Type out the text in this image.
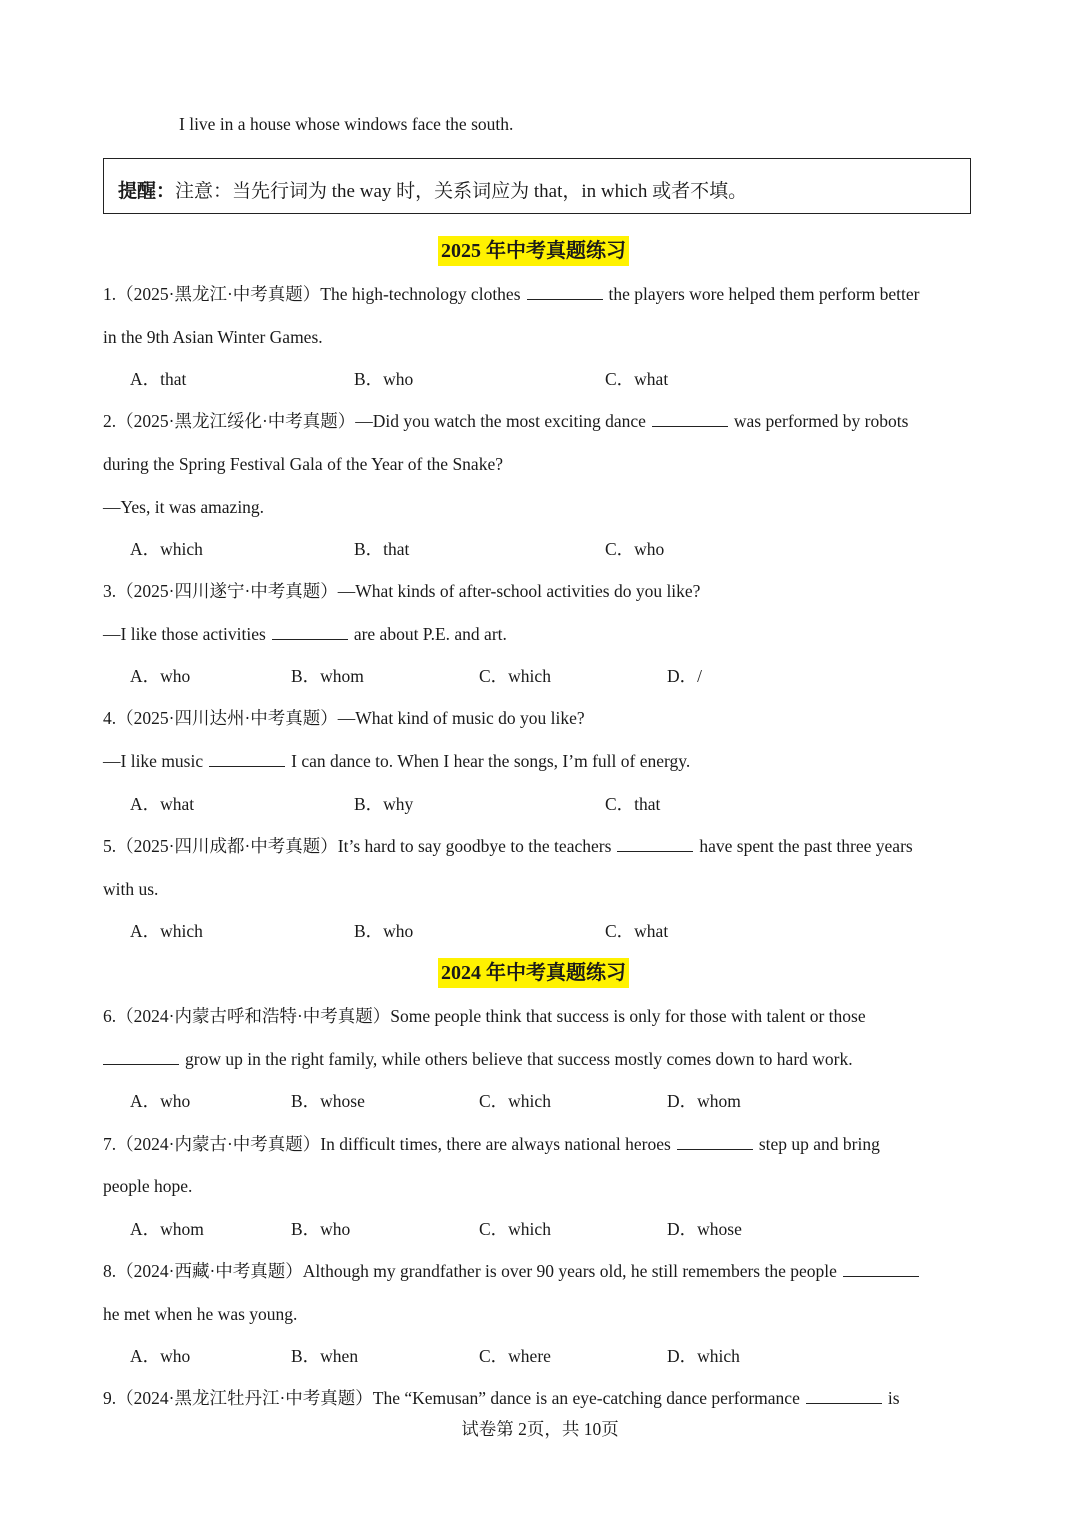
I live in a house whose windows face the south.
提醒：注意：当先行词为 the way 时，关系词应为 that，in which 或者不填。
2025 年中考真题练习
1.（2025·黑龙江·中考真题）The high-technology clothes	the players wore helped them perform better
in the 9th Asian Winter Games.
A．that	B．who	C．what
2.（2025·黑龙江绥化·中考真题）—Did you watch the most exciting dance	was performed by robots
during the Spring Festival Gala of the Year of the Snake?
—Yes, it was amazing.
A．which	B．that	C．who
3.（2025·四川遂宁·中考真题）—What kinds of after-school activities do you like?
—I like those activities	are about P.E. and art.
A．who	B．whom	C．which	D．/
4.（2025·四川达州·中考真题）—What kind of music do you like?
—I like music	I can dance to. When I hear the songs, I’m full of energy.
A．what	B．why	C．that
5.（2025·四川成都·中考真题）It’s hard to say goodbye to the teachers	have spent the past three years
with us.
A．which	B．who	C．what
2024 年中考真题练习
6.（2024·内蒙古呼和浩特·中考真题）Some people think that success is only for those with talent or those
grow up in the right family, while others believe that success mostly comes down to hard work.
A．who	B．whose	C．which	D．whom
7.（2024·内蒙古·中考真题）In difficult times, there are always national heroes	step up and bring
people hope.
A．whom	B．who	C．which	D．whose
8.（2024·西藏·中考真题）Although my grandfather is over 90 years old, he still remembers the people
he met when he was young.
A．who	B．when	C．where	D．which
9.（2024·黑龙江牡丹江·中考真题）The “Kemusan” dance is an eye-catching dance performance	is
试卷第 2页，共 10页
